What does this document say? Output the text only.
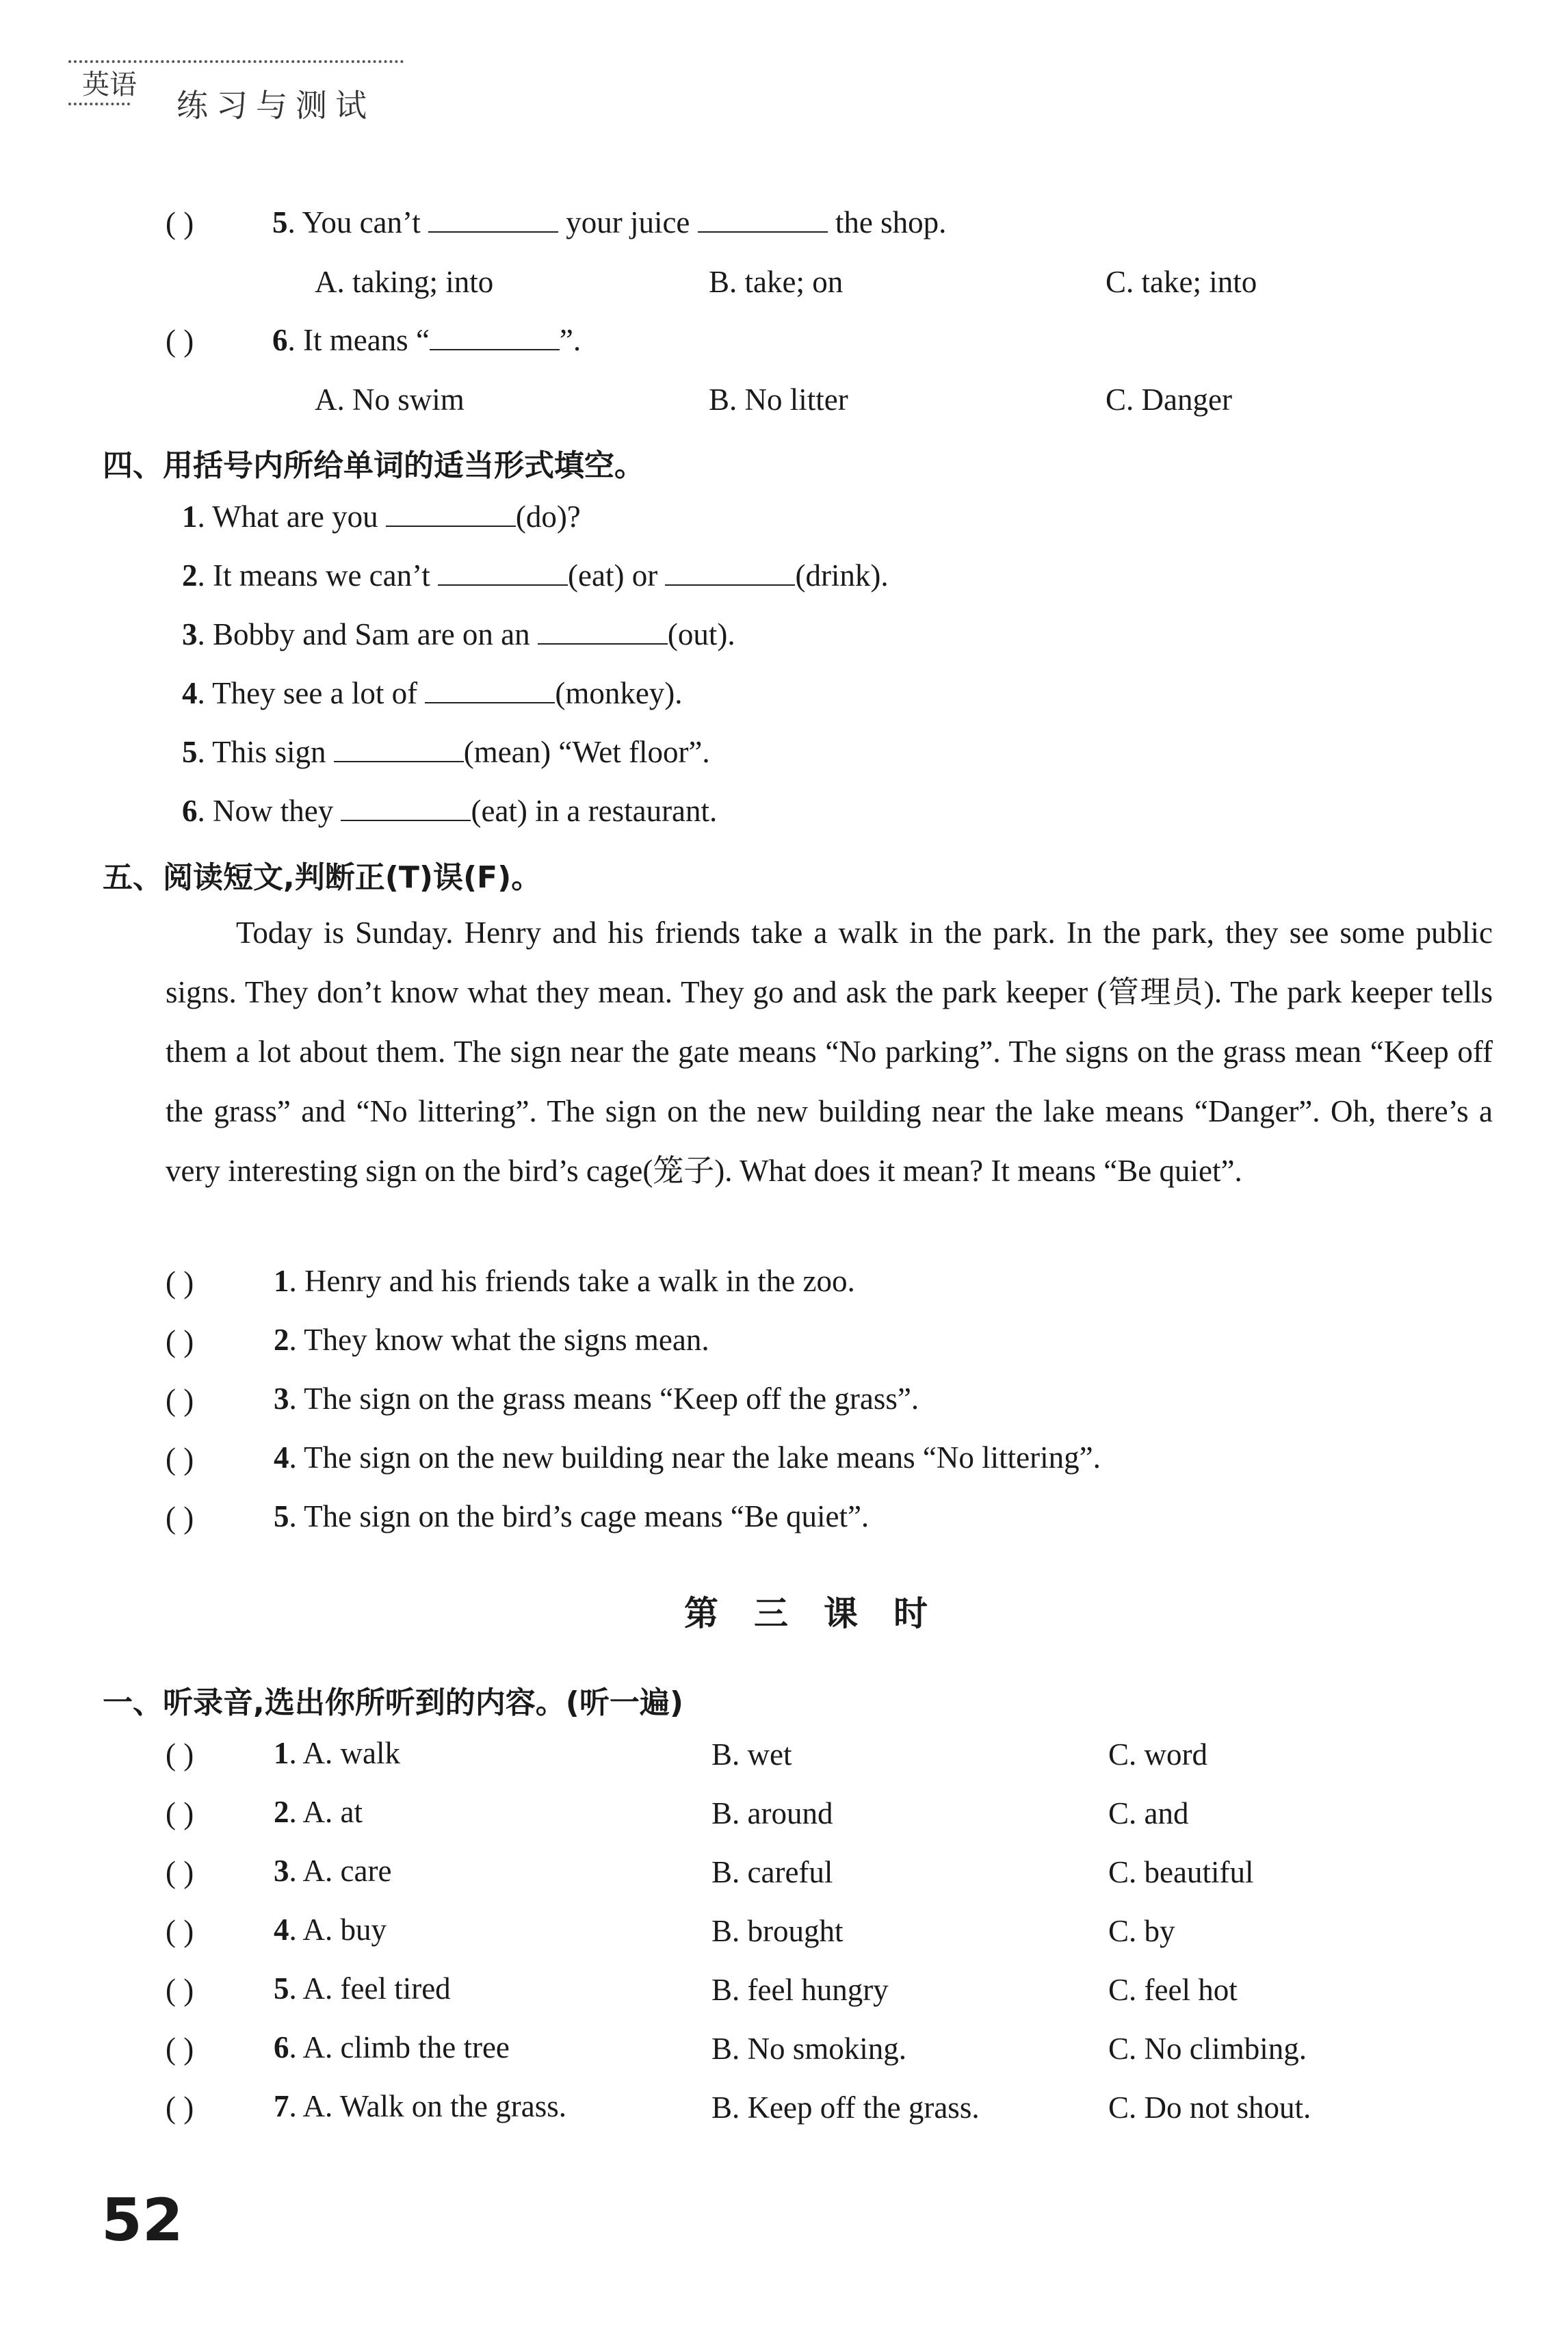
英语
练习与测试
( )	5. You can’t	your juice	the shop.
A. taking; into	B. take; on	C. take; into
( )	6. It means “	”.
A. No swim	B. No litter	C. Danger
四、用括号内所给单词的适当形式填空。
1. What are you	(do)?
2. It means we can’t	(eat) or	(drink).
3. Bobby and Sam are on an	(out).
4. They see a lot of	(monkey).
5. This sign	(mean) “Wet floor”.
6. Now they	(eat) in a restaurant.
五、阅读短文,判断正(T)误(F)。

Today is Sunday. Henry and his friends take a walk in the park. In the park, they see some public signs. They don’t know what they mean. They go and ask the park keeper (管理员). The park keeper tells them a lot about them. The sign near the gate means “No parking”. The signs on the grass mean “Keep off the grass” and “No littering”. The sign on the new building near the lake means “Danger”. Oh, there’s a very interesting sign on the bird’s cage(笼子). What does it mean? It means “Be quiet”.

( )	1. Henry and his friends take a walk in the zoo.
( )	2. They know what the signs mean.
( )	3. The sign on the grass means “Keep off the grass”.
( )	4. The sign on the new building near the lake means “No littering”.
( )	5. The sign on the bird’s cage means “Be quiet”.
第三课时
一、听录音,选出你所听到的内容。(听一遍)
( )	1. A. walk	B. wet	C. word
( )	2. A. at	B. around	C. and
( )	3. A. care	B. careful	C. beautiful
( )	4. A. buy	B. brought	C. by
( )	5. A. feel tired	B. feel hungry	C. feel hot
( )	6. A. climb the tree	B. No smoking.	C. No climbing.
( )	7. A. Walk on the grass.	B. Keep off the grass.	C. Do not shout.
52
